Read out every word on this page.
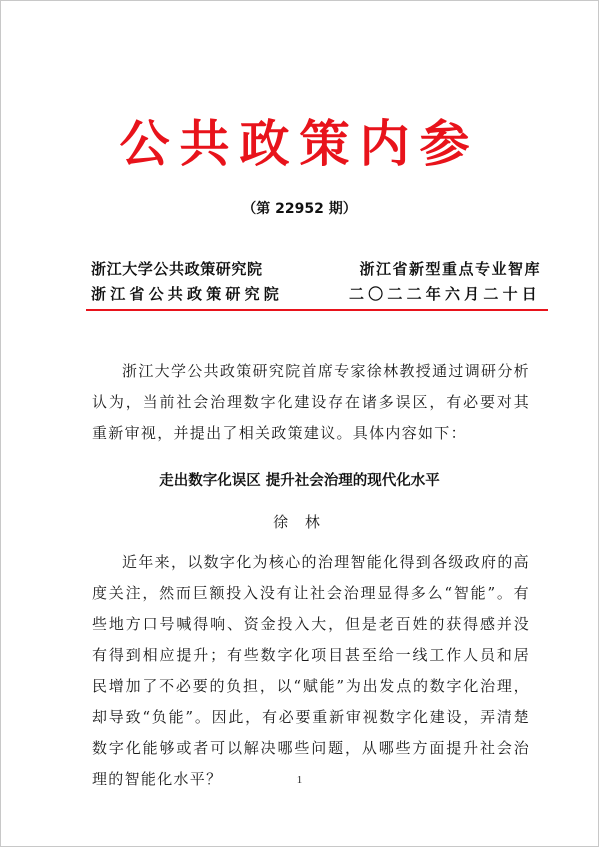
公共政策内参
（第 22952 期）
浙江大学公共政策研究院	浙江省新型重点专业智库
浙江省公共政策研究院	二〇二二年六月二十日

浙江大学公共政策研究院首席专家徐林教授通过调研分析认为，当前社会治理数字化建设存在诸多误区，有必要对其重新审视，并提出了相关政策建议。具体内容如下：

走出数字化误区 提升社会治理的现代化水平
徐 林

近年来，以数字化为核心的治理智能化得到各级政府的高度关注，然而巨额投入没有让社会治理显得多么“智能”。有些地方口号喊得响、资金投入大，但是老百姓的获得感并没有得到相应提升；有些数字化项目甚至给一线工作人员和居民增加了不必要的负担，以“赋能”为出发点的数字化治理，却导致“负能”。因此，有必要重新审视数字化建设，弄清楚数字化能够或者可以解决哪些问题，从哪些方面提升社会治理的智能化水平？	1
